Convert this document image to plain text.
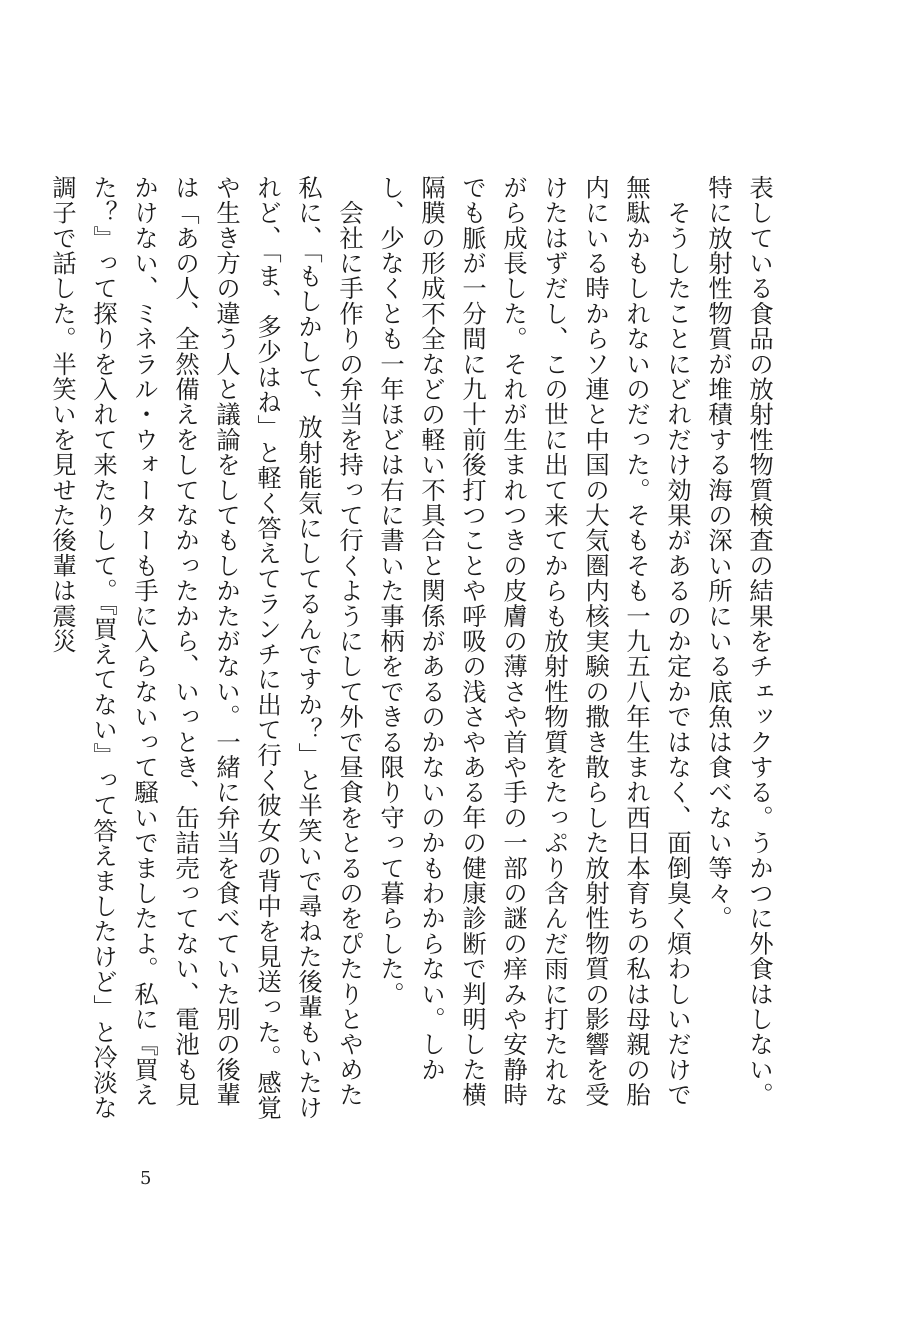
表している食品の放射性物質検査の結果をチェックする。うかつに外食はしない。特に放射性物質が堆積する海の深い所にいる底魚は食べない等々。

　そうしたことにどれだけ効果があるのか定かではなく、面倒臭く煩わしいだけで無駄かもしれないのだった。そもそも一九五八年生まれ西日本育ちの私は母親の胎内にいる時からソ連と中国の大気圏内核実験の撒き散らした放射性物質の影響を受けたはずだし、この世に出て来てからも放射性物質をたっぷり含んだ雨に打たれながら成長した。それが生まれつきの皮膚の薄さや首や手の一部の謎の痒みや安静時でも脈が一分間に九十前後打つことや呼吸の浅さやある年の健康診断で判明した横隔膜の形成不全などの軽い不具合と関係があるのかないのかもわからない。しかし、少なくとも一年ほどは右に書いた事柄をできる限り守って暮らした。

　会社に手作りの弁当を持って行くようにして外で昼食をとるのをぴたりとやめた私に、「もしかして、放射能気にしてるんですか？」と半笑いで尋ねた後輩もいたけれど、「ま、多少はね」と軽く答えてランチに出て行く彼女の背中を見送った。感覚や生き方の違う人と議論をしてもしかたがない。一緒に弁当を食べていた別の後輩は「あの人、全然備えをしてなかったから、いっとき、缶詰売ってない、電池も見かけない、ミネラル・ウォーターも手に入らないって騒いでましたよ。私に『買えた？』って探りを入れて来たりして。『買えてない』って答えましたけど」と冷淡な調子で話した。半笑いを見せた後輩は震災

5
